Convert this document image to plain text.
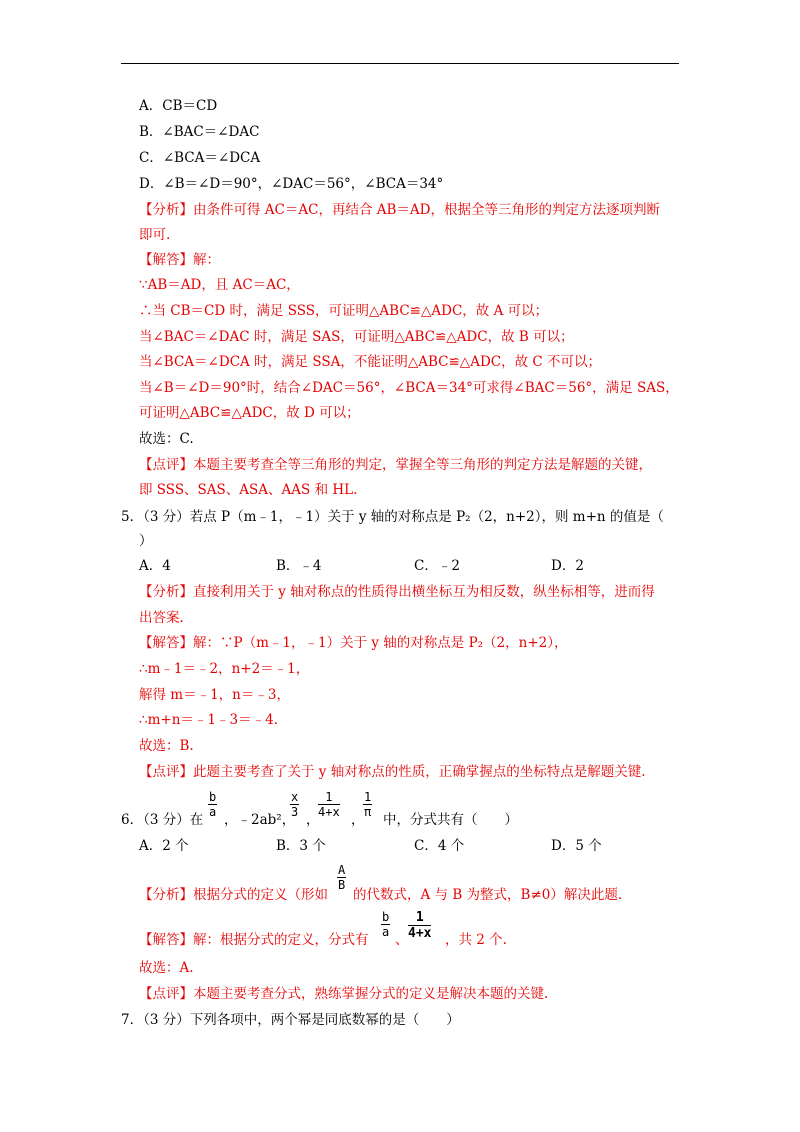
A．CB＝CD
B．∠BAC＝∠DAC
C．∠BCA＝∠DCA
D．∠B＝∠D＝90°，∠DAC＝56°，∠BCA＝34°
【分析】由条件可得 AC＝AC，再结合 AB＝AD，根据全等三角形的判定方法逐项判断
即可.
【解答】解：
∵AB＝AD，且 AC＝AC，
∴当 CB＝CD 时，满足 SSS，可证明△ABC≌△ADC，故 A 可以；
当∠BAC＝∠DAC 时，满足 SAS，可证明△ABC≌△ADC，故 B 可以；
当∠BCA＝∠DCA 时，满足 SSA，不能证明△ABC≌△ADC，故 C 不可以；
当∠B＝∠D＝90°时，结合∠DAC＝56°，∠BCA＝34°可求得∠BAC＝56°，满足 SAS，
可证明△ABC≌△ADC，故 D 可以；
故选：C.
【点评】本题主要考查全等三角形的判定，掌握全等三角形的判定方法是解题的关键，
即 SSS、SAS、ASA、AAS 和 HL.
5．（3 分）若点 P（m﹣1，﹣1）关于 y 轴的对称点是 P₂（2，n+2），则 m+n 的值是（
）
A．4	B．﹣4	C．﹣2	D．2
【分析】直接利用关于 y 轴对称点的性质得出横坐标互为相反数，纵坐标相等，进而得
出答案.
【解答】解：∵P（m﹣1，﹣1）关于 y 轴的对称点是 P₂（2，n+2），
∴m﹣1＝﹣2，n+2＝﹣1，
解得 m＝﹣1，n＝﹣3，
∴m+n＝﹣1﹣3＝﹣4.
故选：B.
【点评】此题主要考查了关于 y 轴对称点的性质，正确掌握点的坐标特点是解题关键.
6．（3 分）在
b
a ，﹣2ab²，
x
3 ，
1
4+x ，
1
π 中，分式共有（　　）
A．2 个	B．3 个	C．4 个	D．5 个
【分析】根据分式的定义（形如
A
B
的代数式，A 与 B 为整式，B≠0）解决此题.
【解答】解：根据分式的定义，分式有
b
a 、
1
4+x ，共 2 个.
故选：A.
【点评】本题主要考查分式，熟练掌握分式的定义是解决本题的关键.
7．（3 分）下列各项中，两个幂是同底数幂的是（　　）
